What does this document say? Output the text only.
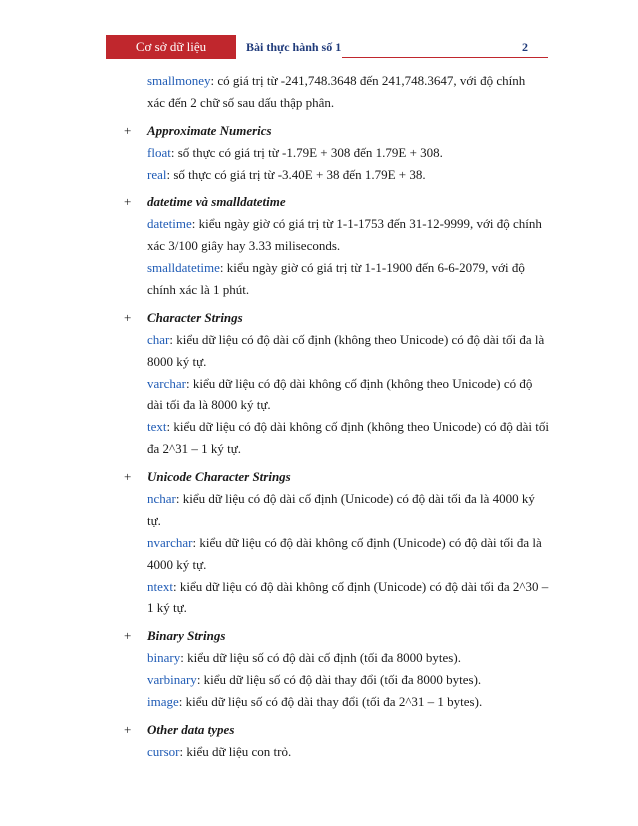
Cơ sở dữ liệu	Bài thực hành số 1	2
smallmoney: có giá trị từ -241,748.3648 đến 241,748.3647, với độ chính
xác đến 2 chữ số sau dấu thập phân.
+ Approximate Numerics
float: số thực có giá trị từ -1.79E + 308 đến 1.79E + 308.
real: số thực có giá trị từ -3.40E + 38 đến 1.79E + 38.
+ datetime và smalldatetime
datetime: kiểu ngày giờ có giá trị từ 1-1-1753 đến 31-12-9999, với độ chính
xác 3/100 giây hay 3.33 miliseconds.
smalldatetime: kiểu ngày giờ có giá trị từ 1-1-1900 đến 6-6-2079, với độ
chính xác là 1 phút.
+ Character Strings
char: kiểu dữ liệu có độ dài cố định (không theo Unicode) có độ dài tối đa là
8000 ký tự.
varchar: kiểu dữ liệu có độ dài không cố định (không theo Unicode) có độ
dài tối đa là 8000 ký tự.
text: kiểu dữ liệu có độ dài không cố định (không theo Unicode) có độ dài tối
đa 2^31 – 1 ký tự.
+ Unicode Character Strings
nchar: kiểu dữ liệu có độ dài cố định (Unicode) có độ dài tối đa là 4000 ký
tự.
nvarchar: kiểu dữ liệu có độ dài không cố định (Unicode) có độ dài tối đa là
4000 ký tự.
ntext: kiểu dữ liệu có độ dài không cố định (Unicode) có độ dài tối đa 2^30 –
1 ký tự.
+ Binary Strings
binary: kiểu dữ liệu số có độ dài cố định (tối đa 8000 bytes).
varbinary: kiểu dữ liệu số có độ dài thay đổi (tối đa 8000 bytes).
image: kiểu dữ liệu số có độ dài thay đổi (tối đa 2^31 – 1 bytes).
+ Other data types
cursor: kiểu dữ liệu con trỏ.
